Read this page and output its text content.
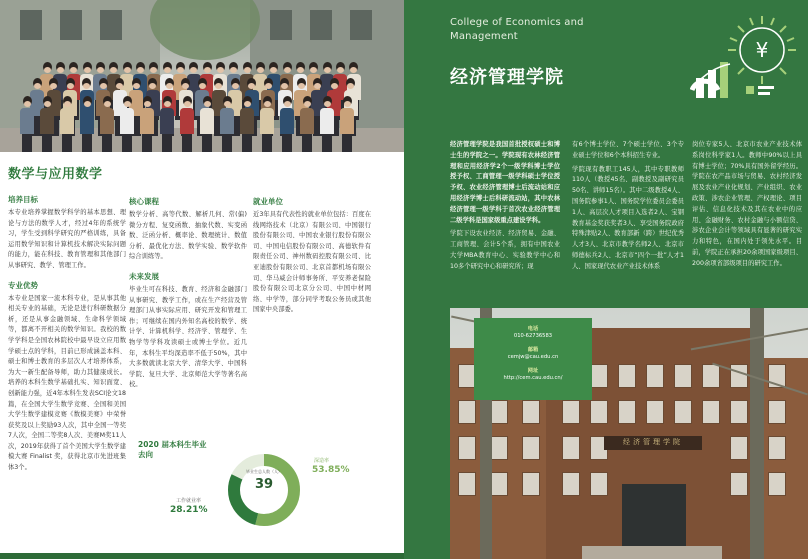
数学与应用数学
培养目标

本专业培养掌握数学科学的基本思想、理论与方法的数学人才，经过4年的系统学习，学生受到科学研究的严格训练，具备运用数学知识和计算机技术解决实际问题的能力，能在科技、教育管理和其他部门从事研究、教学、管理工作。

专业优势

本专业是国家一流本科专业，是从事其他相关专业的基础，无论是进行科研数据分析，还是从事金融领域、生命科学领域等，都离不开相关的数学知识。我校的数学学科是全国农林院校中最早设立应用数学硕士点的学科，目前已形成涵盖本科、硕士和博士教育的多层次人才培养体系，为大一新生配备导师，助力其健康成长。培养的本科生数学基础扎实、知识面宽、创新能力强，近4年本科生发表SCI论文18篇，在全国大学生数学竞赛、全国和美国大学生数学建模竞赛《数模美赛》中荣誉获奖及以上奖励93人次，其中全国一等奖7人次，全国二等奖8人次、美赛M奖11人次，2019年获得了首个美国大学生数学建模大赛 Finalist 奖，获得北京市先进班集体3个。

核心课程

数学分析、高等代数、解析几何、常(偏) 微分方程、复变函数、抽象代数、实变函数、泛函分析、概率论、数理统计、数值分析、最优化方法、数学实验、数学软件综合训练等。

未来发展

毕业生可在科技、教育、经济和金融部门从事研究、教学工作，或在生产经营及管理部门从事实际应用、研究开发和管理工作；可继续在国内外知名高校的数学、统计学、计算机科学、经济学、管理学、生物学等学科攻读硕士或博士学位。近几年，本科生平均深造率不低于50%，其中大多数就读北京大学、清华大学、中国科学院、复旦大学、北京师范大学等著名高校。

就业单位

近3年具有代表性的就业单位包括：百度在线网络技术（北京）有限公司、中国银行股份有限公司、中国农业银行股份有限公司、中国电信股份有限公司、高德软件有限责任公司、神州数码控股有限公司、比亚迪股份有限公司、北京首都机场有限公司、华马威会计师事务所、平安养老保险股份有限公司北京分公司、中国中材网络、中学等，部分同学考取公务员或其他国家中央部委。

2020 届本科生毕业去向
毕业生总人数（人）
39
深造率
53.85%
工作就业率
28.21%
College of Economics and Management
经济管理学院
¥

经济管理学院是我国首批授权硕士和博士生的学院之一。学院现有农林经济管理和应用经济学2个一级学科博士学位授予权、工商管理一级学科硕士学位授予权、农业经济管理博士后流动站和应用经济学博士后科研流动站，其中农林经济管理一级学科于首次农业经济管理二级学科是国家级重点建设学科。

学院下设农业经济、经济贸易、金融、工商管理、会计5个系，拥有中国农业大学MBA教育中心、实验教学中心和10多个研究中心和研究所；现

有6个博士学位、7个硕士学位、3个专业硕士学位和6个本科招生专业。

学院现有教职工145人，其中专职教师110人（教授45名、副教授及副研究员50名、讲师15名）。其中二级教授4人、国务院参事1人、国务院学位委员会委员1人、高层次人才项目入选者2人、宝钢教育基金奖获奖者3人、享受国务院政府特殊津贴2人、教育部新（跨）世纪优秀人才3人、北京市教学名师2人、北京市师德标兵2人、北京市“四个一批”人才1人、国家现代农业产业技术体系

岗位专家5人、北京市农业产业技术体系岗位科学家1人。教师中90%以上具有博士学位；70%具有国外留学经历。学院在农产品市场与贸易、农村经济发展及农业产业化规划、产业组织、农业政策、涉农企业管理、产权理论、项目评估、信息化技术及其在农业中的应用、金融财务、农村金融与小额信贷、涉农企业会计等领域具有显著的研究实力和特色，在国内处于领先水平。目前，学院正在承担20余项国家级项目、200余项省部级项目的研究工作。

经济管理学院
电话
010-62736583
邮箱
cemjw@cau.edu.cn
网址
http://cem.cau.edu.cn/
